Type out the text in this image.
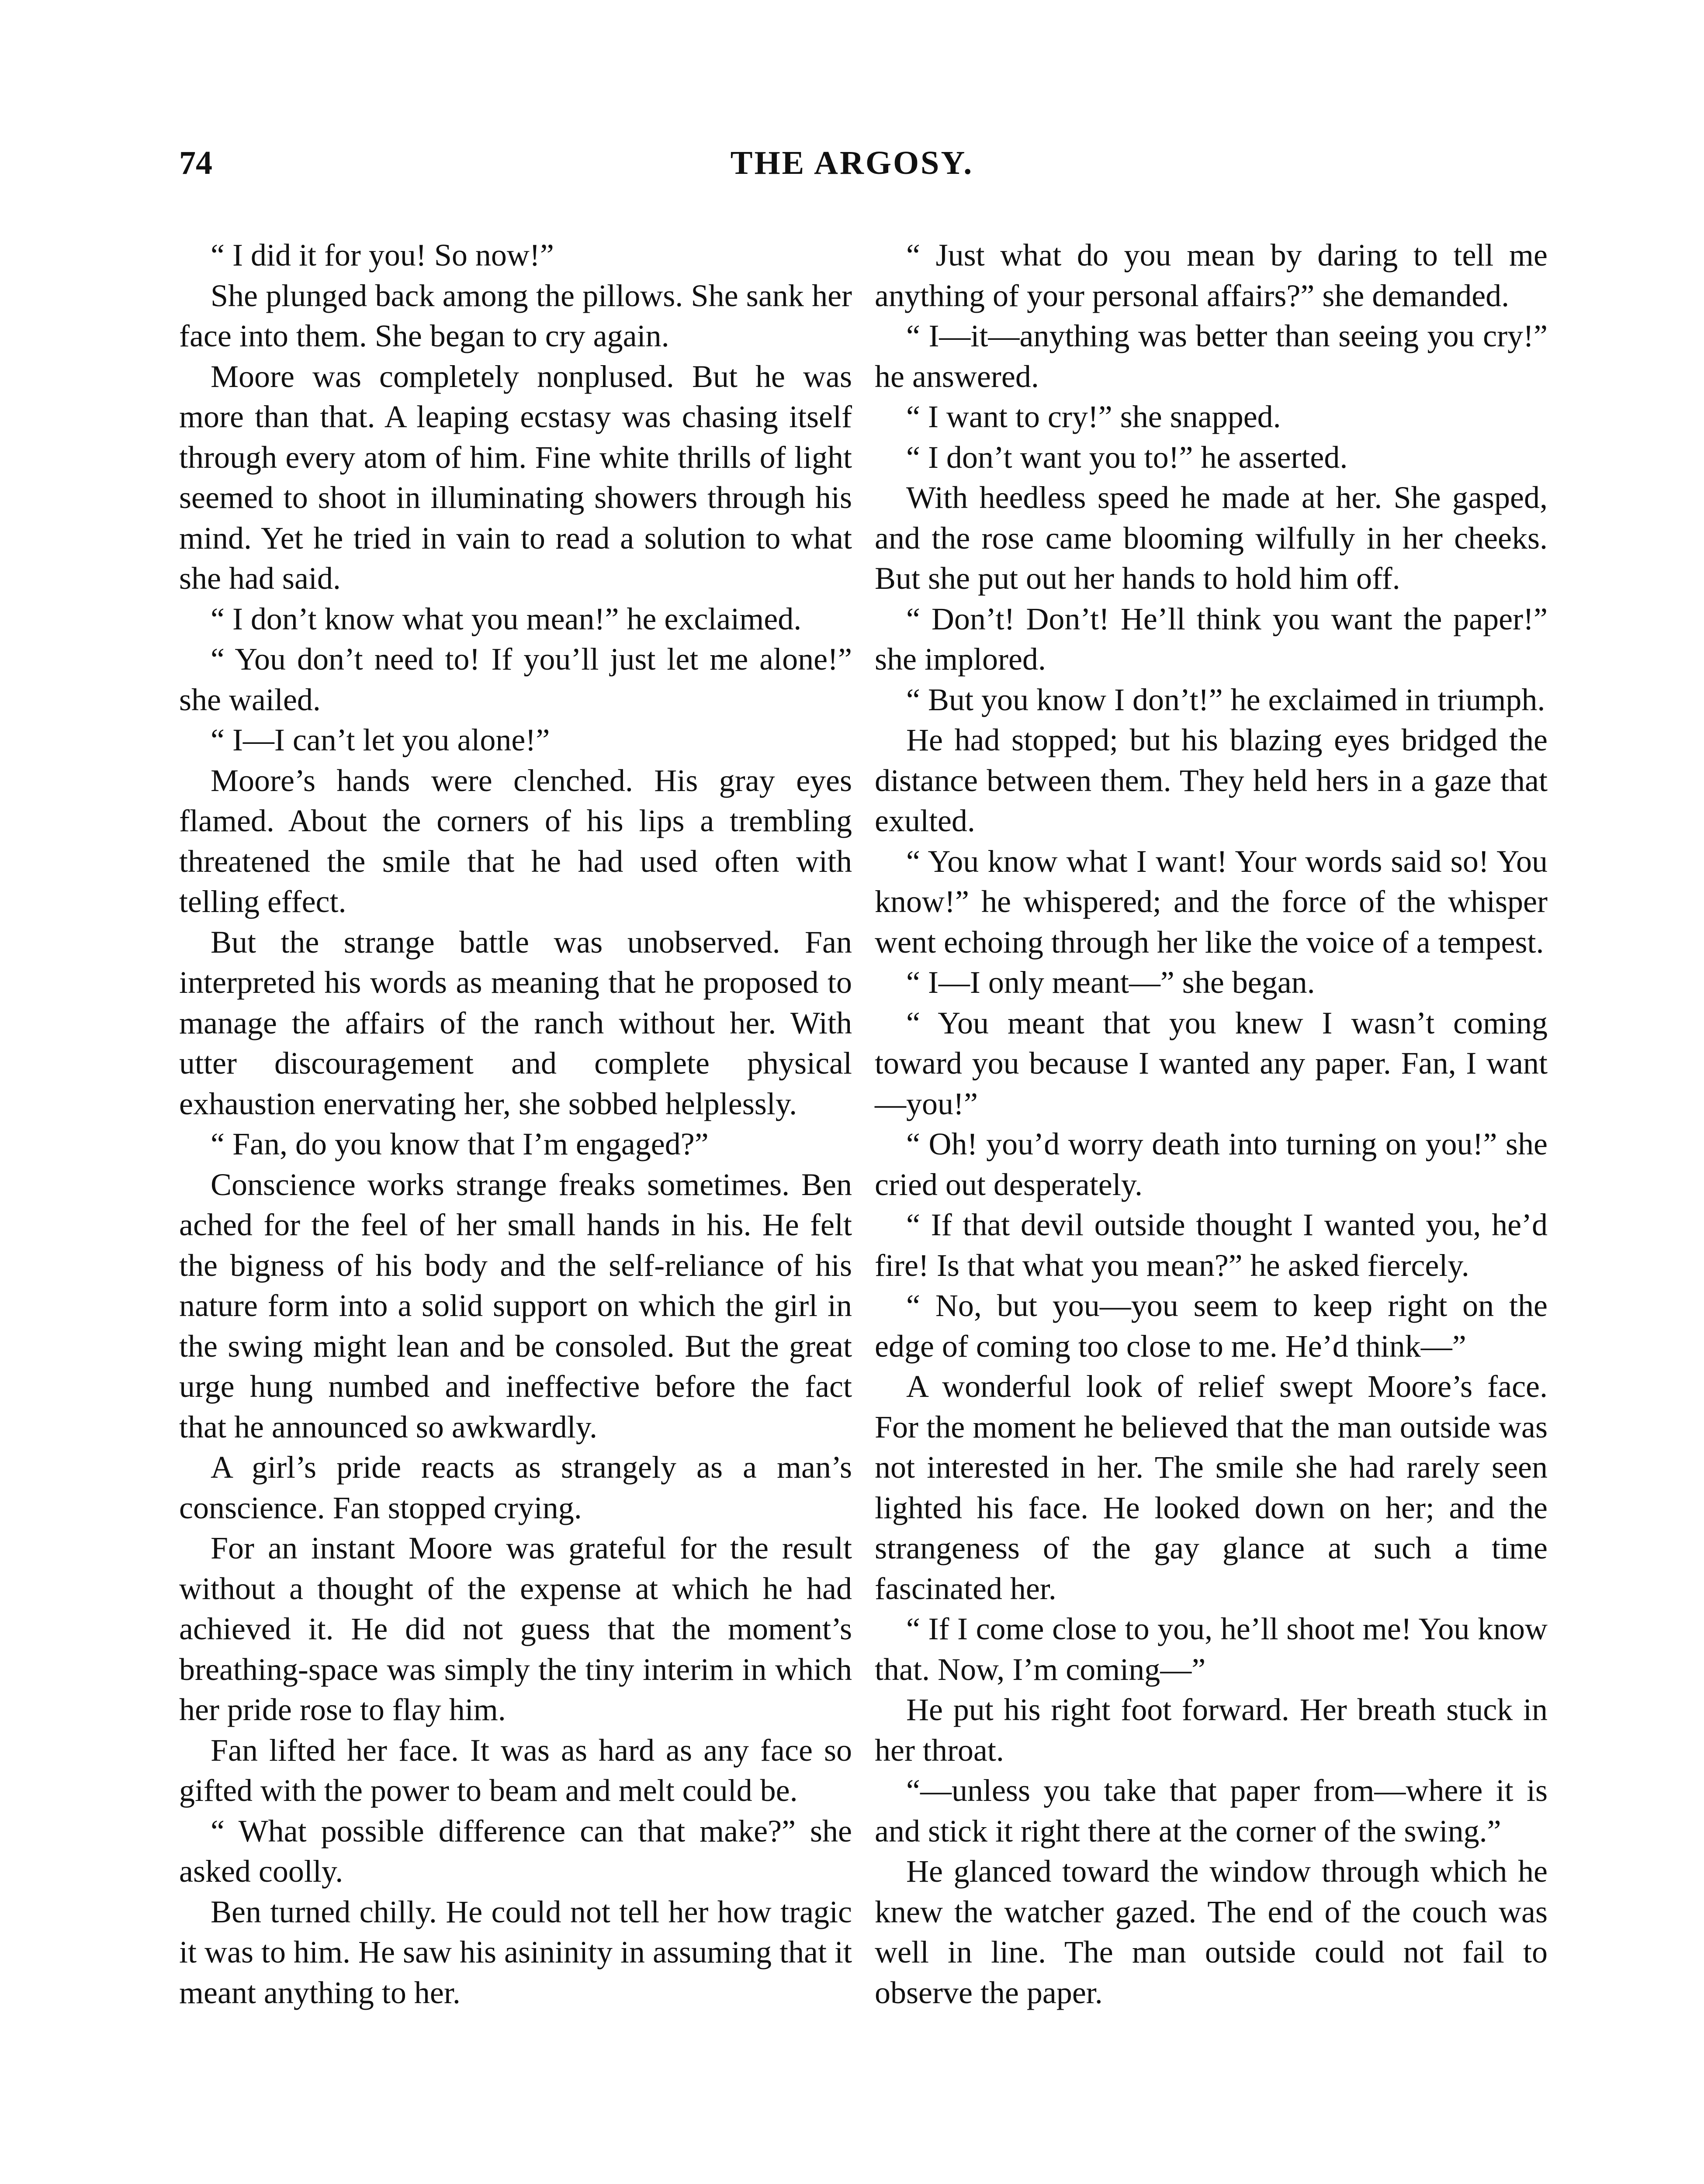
74	THE ARGOSY.

“ I did it for you! So now!”

She plunged back among the pillows. She sank her face into them. She began to cry again.

Moore was completely nonplused. But he was more than that. A leaping ecstasy was chasing itself through every atom of him. Fine white thrills of light seemed to shoot in illuminating showers through his mind. Yet he tried in vain to read a solution to what she had said.

“ I don’t know what you mean!” he exclaimed.

“ You don’t need to! If you’ll just let me alone!” she wailed.

“ I—I can’t let you alone!”

Moore’s hands were clenched. His gray eyes flamed. About the corners of his lips a trembling threatened the smile that he had used often with telling effect.

But the strange battle was unobserved. Fan interpreted his words as meaning that he proposed to manage the affairs of the ranch without her. With utter discouragement and complete physical exhaustion enervating her, she sobbed helplessly.

“ Fan, do you know that I’m engaged?”

Conscience works strange freaks sometimes. Ben ached for the feel of her small hands in his. He felt the bigness of his body and the self-reliance of his nature form into a solid support on which the girl in the swing might lean and be consoled. But the great urge hung numbed and ineffective before the fact that he announced so awkwardly.

A girl’s pride reacts as strangely as a man’s conscience. Fan stopped crying.

For an instant Moore was grateful for the result without a thought of the expense at which he had achieved it. He did not guess that the moment’s breathing-space was simply the tiny interim in which her pride rose to flay him.

Fan lifted her face. It was as hard as any face so gifted with the power to beam and melt could be.

“ What possible difference can that make?” she asked coolly.

Ben turned chilly. He could not tell her how tragic it was to him. He saw his asininity in assuming that it meant anything to her.

“ Just what do you mean by daring to tell me anything of your personal affairs?” she demanded.

“ I—it—anything was better than seeing you cry!” he answered.

“ I want to cry!” she snapped.

“ I don’t want you to!” he asserted.

With heedless speed he made at her. She gasped, and the rose came blooming wilfully in her cheeks. But she put out her hands to hold him off.

“ Don’t! Don’t! He’ll think you want the paper!” she implored.

“ But you know I don’t!” he exclaimed in triumph.

He had stopped; but his blazing eyes bridged the distance between them. They held hers in a gaze that exulted.

“ You know what I want! Your words said so! You know!” he whispered; and the force of the whisper went echoing through her like the voice of a tempest.

“ I—I only meant—” she began.

“ You meant that you knew I wasn’t coming toward you because I wanted any paper. Fan, I want—you!”

“ Oh! you’d worry death into turning on you!” she cried out desperately.

“ If that devil outside thought I wanted you, he’d fire! Is that what you mean?” he asked fiercely.

“ No, but you—you seem to keep right on the edge of coming too close to me. He’d think—”

A wonderful look of relief swept Moore’s face. For the moment he believed that the man outside was not interested in her. The smile she had rarely seen lighted his face. He looked down on her; and the strangeness of the gay glance at such a time fascinated her.

“ If I come close to you, he’ll shoot me! You know that. Now, I’m coming—”

He put his right foot forward. Her breath stuck in her throat.

“—unless you take that paper from—where it is and stick it right there at the corner of the swing.”

He glanced toward the window through which he knew the watcher gazed. The end of the couch was well in line. The man outside could not fail to observe the paper.
